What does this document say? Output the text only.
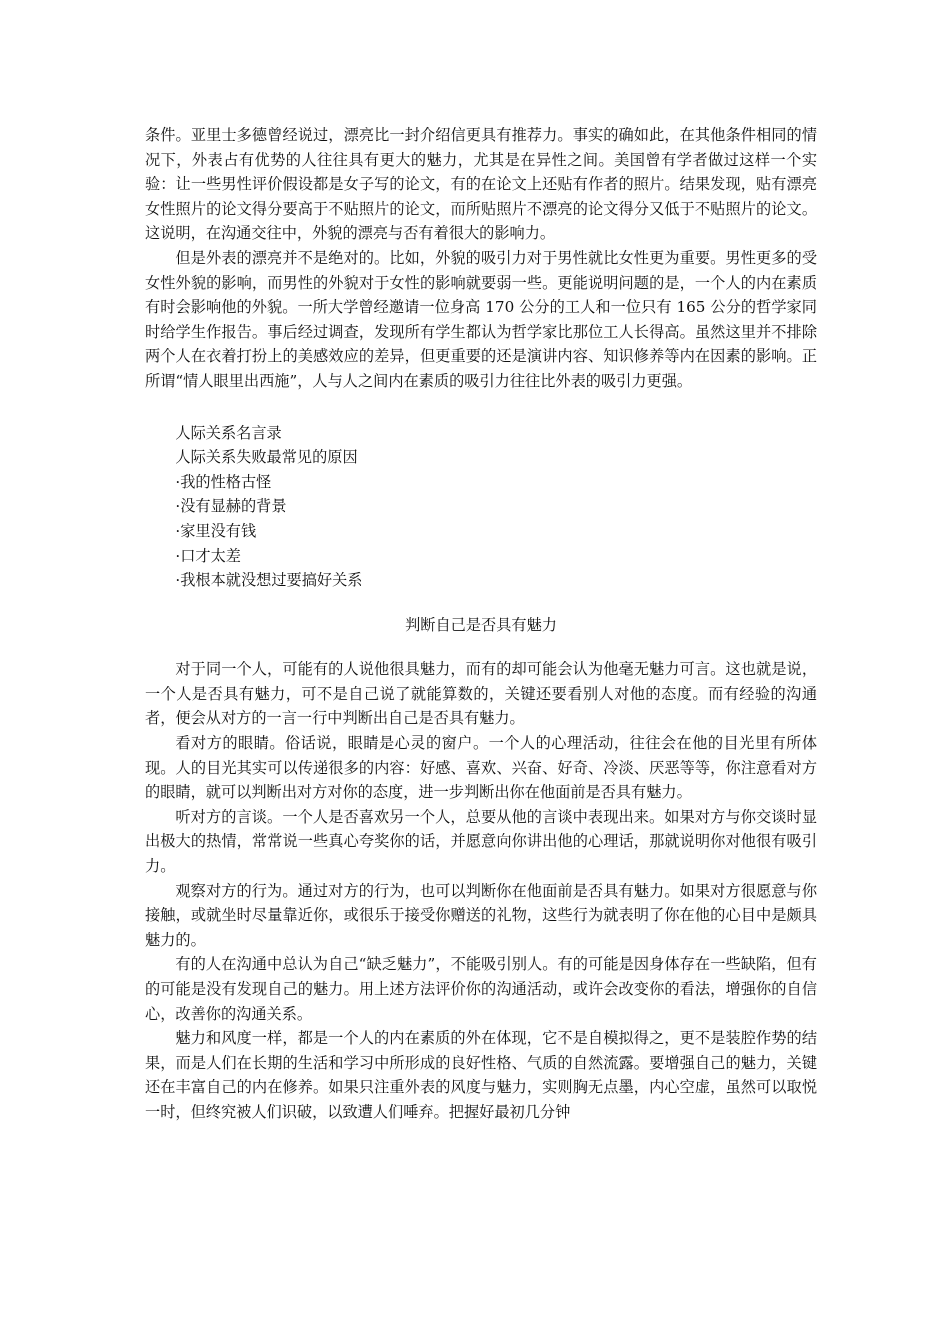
条件。亚里士多德曾经说过，漂亮比一封介绍信更具有推荐力。事实的确如此，在其他条件相同的情况下，外表占有优势的人往往具有更大的魅力，尤其是在异性之间。美国曾有学者做过这样一个实验：让一些男性评价假设都是女子写的论文，有的在论文上还贴有作者的照片。结果发现，贴有漂亮女性照片的论文得分要高于不贴照片的论文，而所贴照片不漂亮的论文得分又低于不贴照片的论文。这说明，在沟通交往中，外貌的漂亮与否有着很大的影响力。

但是外表的漂亮并不是绝对的。比如，外貌的吸引力对于男性就比女性更为重要。男性更多的受女性外貌的影响，而男性的外貌对于女性的影响就要弱一些。更能说明问题的是，一个人的内在素质有时会影响他的外貌。一所大学曾经邀请一位身高 170 公分的工人和一位只有 165 公分的哲学家同时给学生作报告。事后经过调查，发现所有学生都认为哲学家比那位工人长得高。虽然这里并不排除两个人在衣着打扮上的美感效应的差异，但更重要的还是演讲内容、知识修养等内在因素的影响。正所谓“情人眼里出西施”，人与人之间内在素质的吸引力往往比外表的吸引力更强。

人际关系名言录

人际关系失败最常见的原因

·我的性格古怪

·没有显赫的背景

·家里没有钱

·口才太差

·我根本就没想过要搞好关系

判断自己是否具有魅力

对于同一个人，可能有的人说他很具魅力，而有的却可能会认为他毫无魅力可言。这也就是说，一个人是否具有魅力，可不是自己说了就能算数的，关键还要看别人对他的态度。而有经验的沟通者，便会从对方的一言一行中判断出自己是否具有魅力。

看对方的眼睛。俗话说，眼睛是心灵的窗户。一个人的心理活动，往往会在他的目光里有所体现。人的目光其实可以传递很多的内容：好感、喜欢、兴奋、好奇、冷淡、厌恶等等，你注意看对方的眼睛，就可以判断出对方对你的态度，进一步判断出你在他面前是否具有魅力。

听对方的言谈。一个人是否喜欢另一个人，总要从他的言谈中表现出来。如果对方与你交谈时显出极大的热情，常常说一些真心夸奖你的话，并愿意向你讲出他的心理话，那就说明你对他很有吸引力。

观察对方的行为。通过对方的行为，也可以判断你在他面前是否具有魅力。如果对方很愿意与你接触，或就坐时尽量靠近你，或很乐于接受你赠送的礼物，这些行为就表明了你在他的心目中是颇具魅力的。

有的人在沟通中总认为自己“缺乏魅力”，不能吸引别人。有的可能是因身体存在一些缺陷，但有的可能是没有发现自己的魅力。用上述方法评价你的沟通活动，或许会改变你的看法，增强你的自信心，改善你的沟通关系。

魅力和风度一样，都是一个人的内在素质的外在体现，它不是自模拟得之，更不是装腔作势的结果，而是人们在长期的生活和学习中所形成的良好性格、气质的自然流露。要增强自己的魅力，关键还在丰富自己的内在修养。如果只注重外表的风度与魅力，实则胸无点墨，内心空虚，虽然可以取悦一时，但终究被人们识破，以致遭人们唾弃。把握好最初几分钟
